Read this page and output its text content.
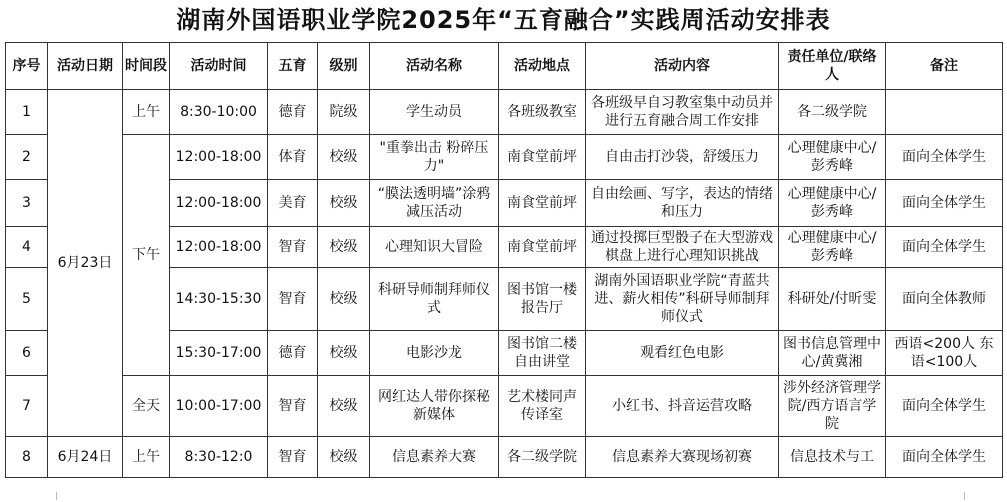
湖南外国语职业学院2025年“五育融合”实践周活动安排表
序号	活动日期	时间段	活动时间	五育	级别	活动名称	活动地点	活动内容	责任单位/联络人	备注
1	6月23日	上午	8:30-10:00	德育	院级	学生动员	各班级教室	各班级早自习教室集中动员并进行五育融合周工作安排	各二级学院	
2		下午	12:00-18:00	体育	校级	"重拳出击 粉碎压力"	南食堂前坪	自由击打沙袋，舒缓压力	心理健康中心/彭秀峰	面向全体学生
3			12:00-18:00	美育	校级	“膜法透明墙”涂鸦减压活动	南食堂前坪	自由绘画、写字，表达的情绪和压力	心理健康中心/彭秀峰	面向全体学生
4			12:00-18:00	智育	校级	心理知识大冒险	南食堂前坪	通过投掷巨型骰子在大型游戏棋盘上进行心理知识挑战	心理健康中心/彭秀峰	面向全体学生
5			14:30-15:30	智育	校级	科研导师制拜师仪式	图书馆一楼报告厅	湖南外国语职业学院“青蓝共进、薪火相传”科研导师制拜师仪式	科研处/付昕雯	面向全体教师
6			15:30-17:00	德育	校级	电影沙龙	图书馆二楼自由讲堂	观看红色电影	图书信息管理中心/黄冀湘	西语<200人 东语<100人
7		全天	10:00-17:00	智育	校级	网红达人带你探秘新媒体	艺术楼同声传译室	小红书、抖音运营攻略	涉外经济管理学院/西方语言学院	面向全体学生
8	6月24日	上午	8:30-12:0	智育	校级	信息素养大赛	各二级学院	信息素养大赛现场初赛	信息技术与工	面向全体学生
